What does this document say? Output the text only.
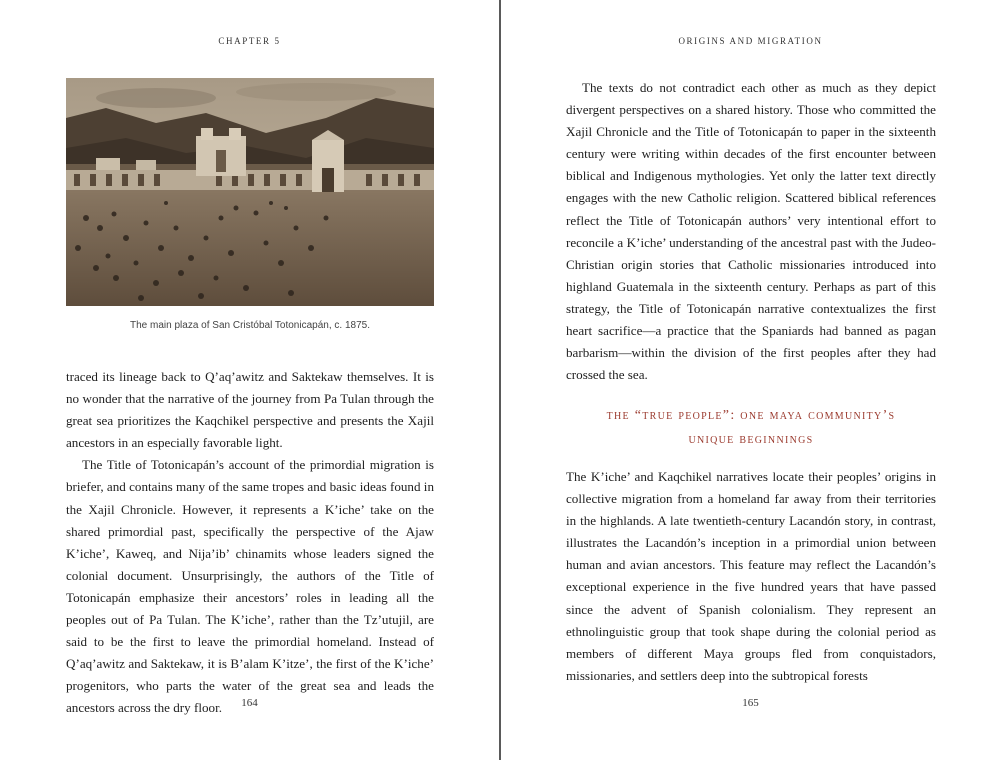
CHAPTER 5
The main plaza of San Cristóbal Totonicapán, c. 1875.

traced its lineage back to Q’aq’awitz and Saktekaw themselves. It is no wonder that the narrative of the journey from Pa Tulan through the great sea prioritizes the Kaqchikel perspective and presents the Xajil ancestors in an especially favorable light.

The Title of Totonicapán’s account of the primordial migration is briefer, and contains many of the same tropes and basic ideas found in the Xajil Chronicle. However, it represents a K’iche’ take on the shared primordial past, specifically the perspective of the Ajaw K’iche’, Kaweq, and Nija’ib’ chinamits whose leaders signed the colonial document. Unsurprisingly, the authors of the Title of Totonicapán emphasize their ancestors’ roles in leading all the peoples out of Pa Tulan. The K’iche’, rather than the Tz’utujil, are said to be the first to leave the primordial homeland. Instead of Q’aq’awitz and Saktekaw, it is B’alam K’itze’, the first of the K’iche’ progenitors, who parts the water of the great sea and leads the ancestors across the dry floor.	164
ORIGINS AND MIGRATION

The texts do not contradict each other as much as they depict divergent perspectives on a shared history. Those who committed the Xajil Chronicle and the Title of Totonicapán to paper in the sixteenth century were writing within decades of the first encounter between biblical and Indigenous mythologies. Yet only the latter text directly engages with the new Catholic religion. Scattered biblical references reflect the Title of Totonicapán authors’ very intentional effort to reconcile a K’iche’ understanding of the ancestral past with the Judeo-Christian origin stories that Catholic missionaries introduced into highland Guatemala in the sixteenth century. Perhaps as part of this strategy, the Title of Totonicapán narrative contextualizes the first heart sacrifice—a practice that the Spaniards had banned as pagan barbarism—within the division of the first peoples after they had crossed the sea.

the “true people”: one maya community’s
unique beginnings

The K’iche’ and Kaqchikel narratives locate their peoples’ origins in collective migration from a homeland far away from their territories in the highlands. A late twentieth-century Lacandón story, in contrast, illustrates the Lacandón’s inception in a primordial union between human and avian ancestors. This feature may reflect the Lacandón’s exceptional experience in the five hundred years that have passed since the advent of Spanish colonialism. They represent an ethnolinguistic group that took shape during the colonial period as members of different Maya groups fled from conquistadors, missionaries, and settlers deep into the subtropical forests

165
